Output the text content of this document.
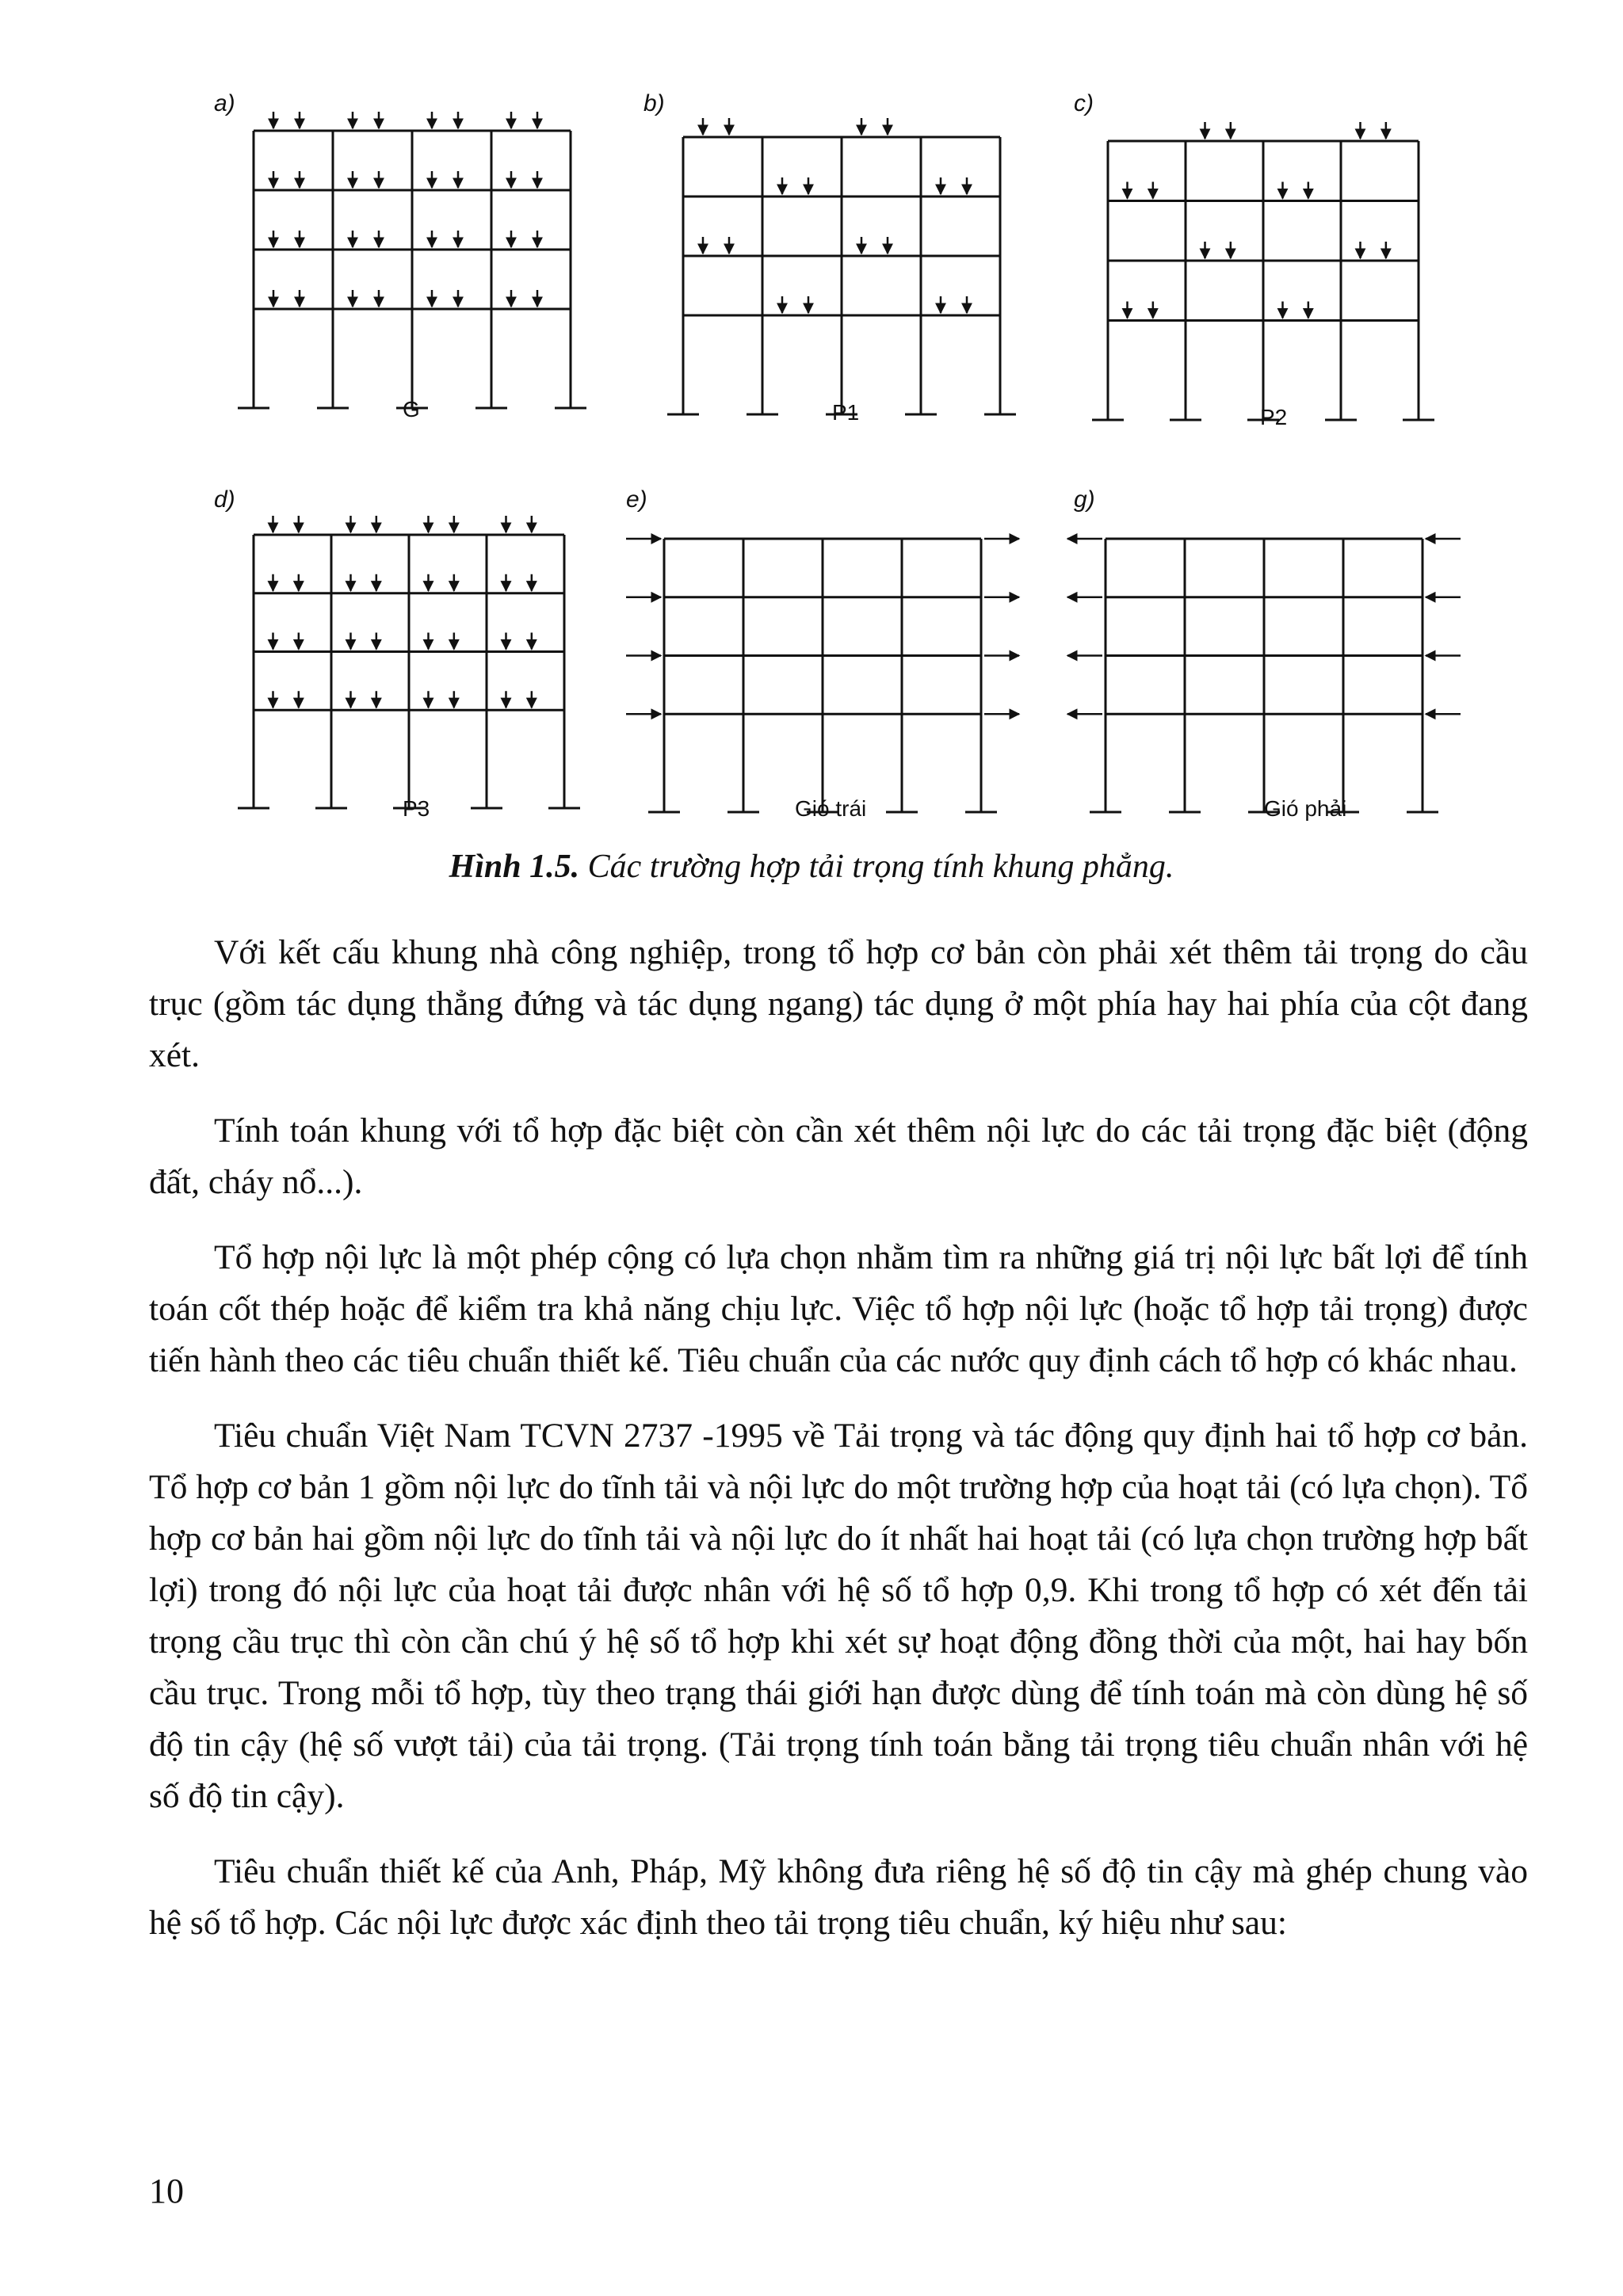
a)	b)	c)
d)	e)	g)
G	P1	P2
P3	Gió trái	Gió phải

Hình 1.5. Các trường hợp tải trọng tính khung phẳng.

Với kết cấu khung nhà công nghiệp, trong tổ hợp cơ bản còn phải xét thêm tải trọng do cầu trục (gồm tác dụng thẳng đứng và tác dụng ngang) tác dụng ở một phía hay hai phía của cột đang xét.

Tính toán khung với tổ hợp đặc biệt còn cần xét thêm nội lực do các tải trọng đặc biệt (động đất, cháy nổ...).

Tổ hợp nội lực là một phép cộng có lựa chọn nhằm tìm ra những giá trị nội lực bất lợi để tính toán cốt thép hoặc để kiểm tra khả năng chịu lực. Việc tổ hợp nội lực (hoặc tổ hợp tải trọng) được tiến hành theo các tiêu chuẩn thiết kế. Tiêu chuẩn của các nước quy định cách tổ hợp có khác nhau.

Tiêu chuẩn Việt Nam TCVN 2737 -1995 về Tải trọng và tác động quy định hai tổ hợp cơ bản. Tổ hợp cơ bản 1 gồm nội lực do tĩnh tải và nội lực do một trường hợp của hoạt tải (có lựa chọn). Tổ hợp cơ bản hai gồm nội lực do tĩnh tải và nội lực do ít nhất hai hoạt tải (có lựa chọn trường hợp bất lợi) trong đó nội lực của hoạt tải được nhân với hệ số tổ hợp 0,9. Khi trong tổ hợp có xét đến tải trọng cầu trục thì còn cần chú ý hệ số tổ hợp khi xét sự hoạt động đồng thời của một, hai hay bốn cầu trục. Trong mỗi tổ hợp, tùy theo trạng thái giới hạn được dùng để tính toán mà còn dùng hệ số độ tin cậy (hệ số vượt tải) của tải trọng. (Tải trọng tính toán bằng tải trọng tiêu chuẩn nhân với hệ số độ tin cậy).

Tiêu chuẩn thiết kế của Anh, Pháp, Mỹ không đưa riêng hệ số độ tin cậy mà ghép chung vào hệ số tổ hợp. Các nội lực được xác định theo tải trọng tiêu chuẩn, ký hiệu như sau:

10
